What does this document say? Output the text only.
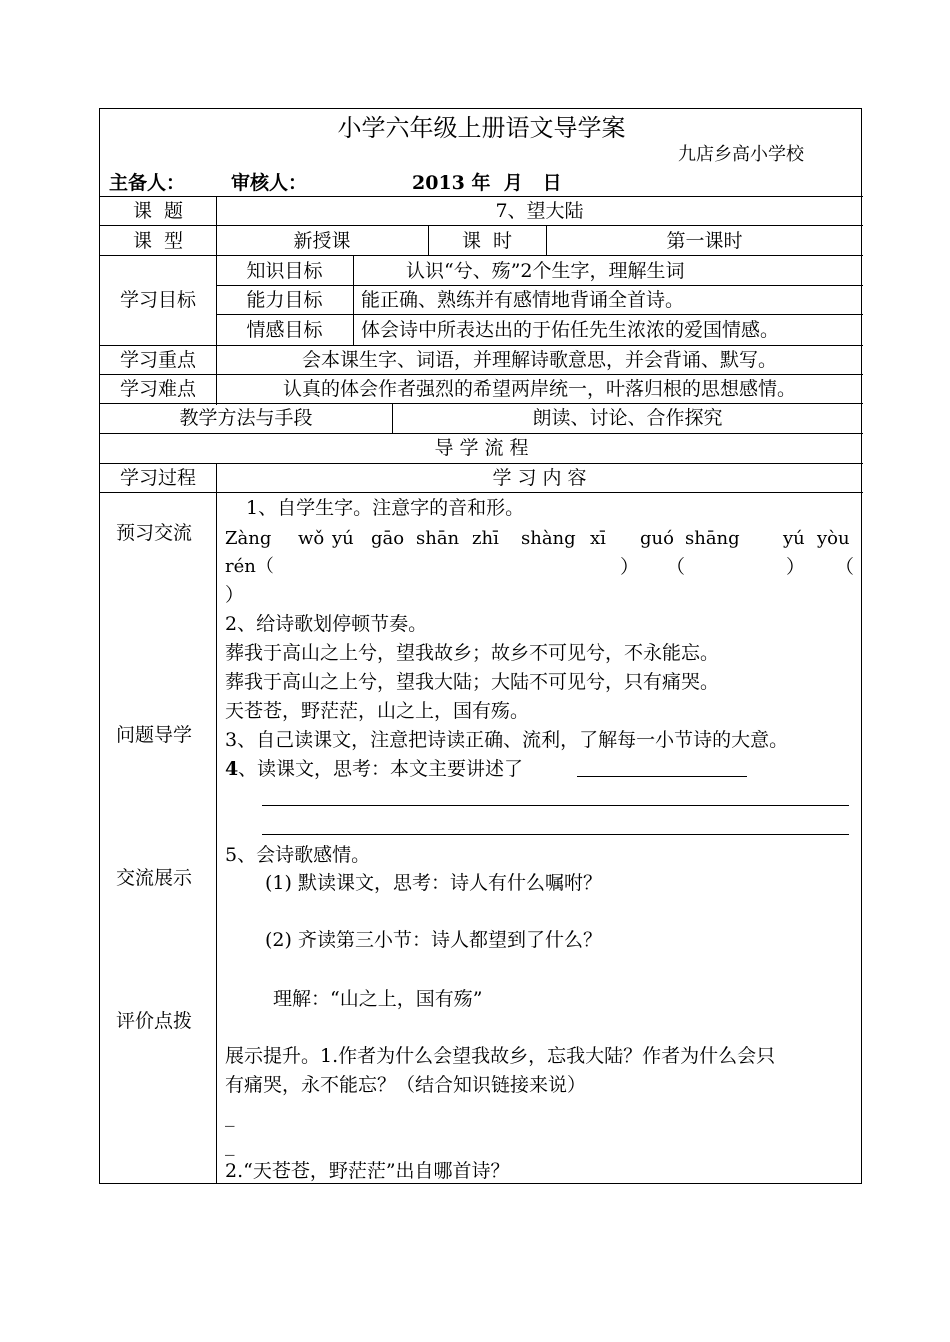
小学六年级上册语文导学案
九店乡高小学校
主备人： 审核人：	2013 年  月   日
课  题	7、望大陆
课  型	新授课	课  时	第一课时
学习目标
知识目标	认识“兮、殇”2个生字，理解生词
能力目标	能正确、熟练并有感情地背诵全首诗。
情感目标	体会诗中所表达出的于佑任先生浓浓的爱国情感。
学习重点	会本课生字、词语，并理解诗歌意思，并会背诵、默写。
学习难点	认真的体会作者强烈的希望两岸统一，叶落归根的思想感情。
教学方法与手段	朗读、讨论、合作探究
导 学 流 程
学习过程	学 习 内 容
预习交流
问题导学
交流展示
评价点拨
1、自学生字。注意字的音和形。
Zàng wǒ yú gāo shān zhī shàng xī guó shāng yú yòu
rén（	） （	） （
）
2、给诗歌划停顿节奏。
葬我于高山之上兮，望我故乡；故乡不可见兮，不永能忘。
葬我于高山之上兮，望我大陆；大陆不可见兮，只有痛哭。
天苍苍，野茫茫，山之上，国有殇。
3、自己读课文，注意把诗读正确、流利，了解每一小节诗的大意。
4 、读课文，思考：本文主要讲述了
5、会诗歌感情。
(1) 默读课文，思考：诗人有什么嘱咐？
(2) 齐读第三小节：诗人都望到了什么？
理解：“山之上，国有殇”
展示提升。1.作者为什么会望我故乡，忘我大陆？作者为什么会只
有痛哭，永不能忘？（结合知识链接来说）
_
_
2.“天苍苍，野茫茫”出自哪首诗？
